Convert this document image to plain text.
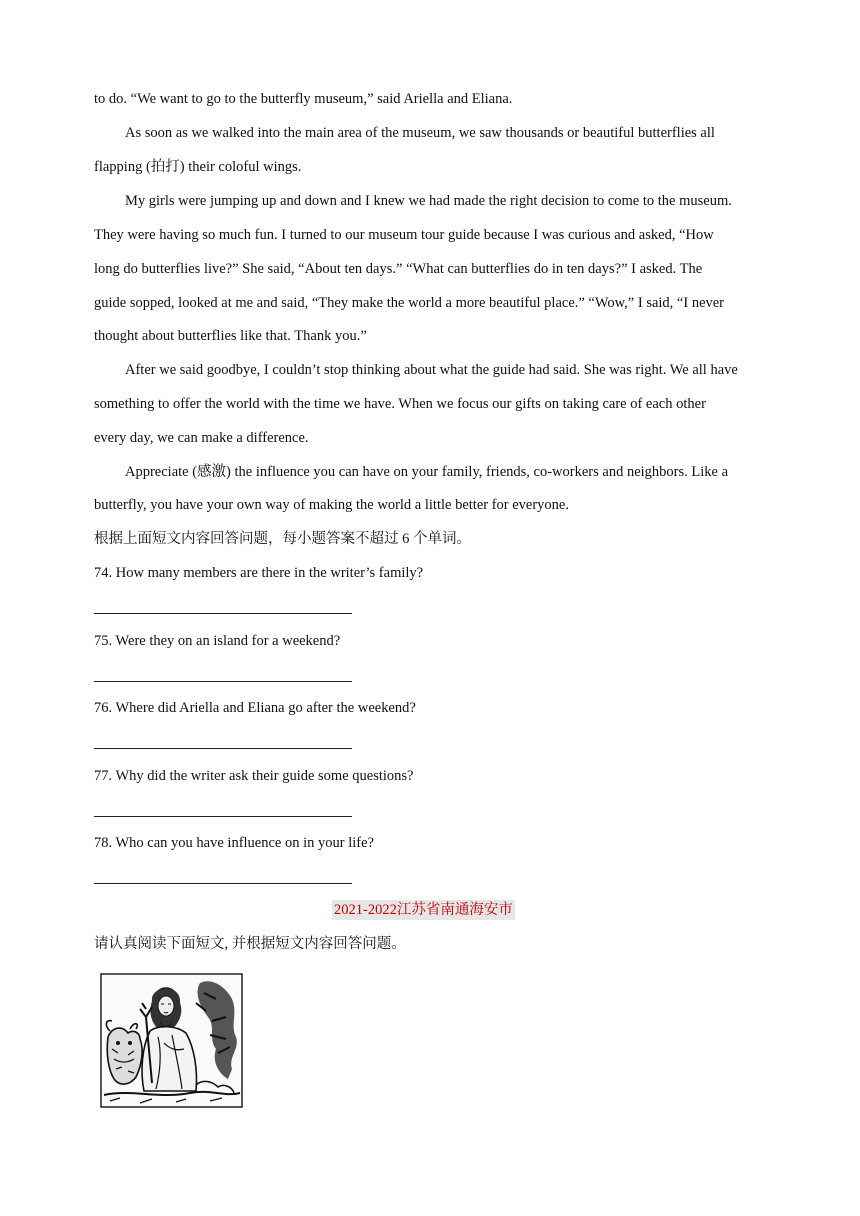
to do. “We want to go to the butterfly museum,” said Ariella and Eliana.
As soon as we walked into the main area of the museum, we saw thousands or beautiful butterflies all
flapping (拍打) their coloful wings.
My girls were jumping up and down and I knew we had made the right decision to come to the museum.
They were having so much fun. I turned to our museum tour guide because I was curious and asked, “How
long do butterflies live?” She said, “About ten days.” “What can butterflies do in ten days?” I asked. The
guide sopped, looked at me and said, “They make the world a more beautiful place.” “Wow,” I said, “I never
thought about butterflies like that. Thank you.”
After we said goodbye, I couldn’t stop thinking about what the guide had said. She was right. We all have
something to offer the world with the time we have. When we focus our gifts on taking care of each other
every day, we can make a difference.
Appreciate (感激) the influence you can have on your family, friends, co-workers and neighbors. Like a
butterfly, you have your own way of making the world a little better for everyone.
根据上面短文内容回答问题，每小题答案不超过 6 个单词。
74. How many members are there in the writer’s family?
75. Were they on an island for a weekend?
76. Where did Ariella and Eliana go after the weekend?
77. Why did the writer ask their guide some questions?
78. Who can you have influence on in your life?
2021-2022江苏省南通海安市
请认真阅读下面短文, 并根据短文内容回答问题。
